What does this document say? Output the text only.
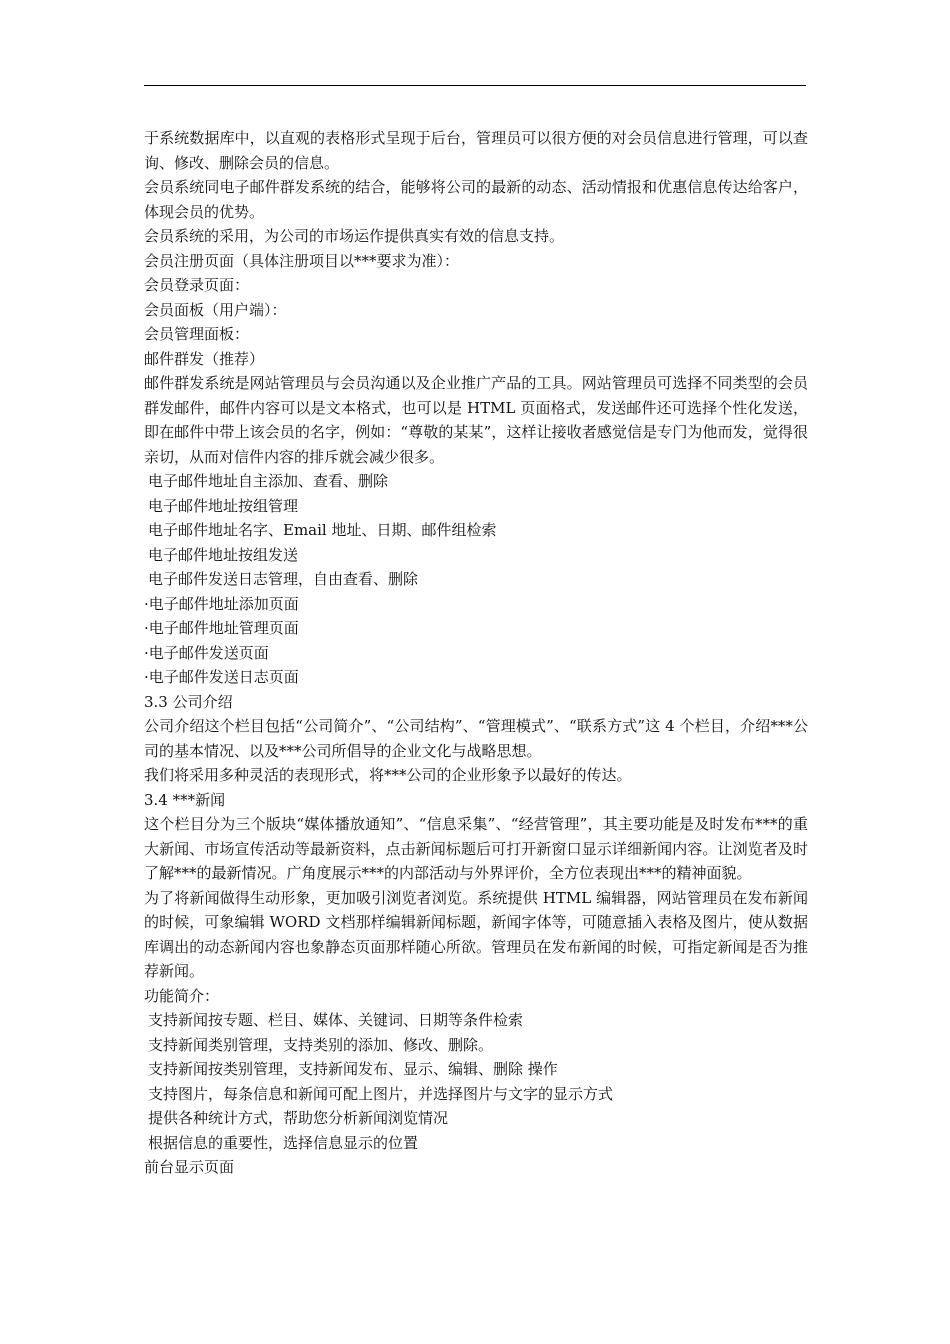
于系统数据库中，以直观的表格形式呈现于后台，管理员可以很方便的对会员信息进行管理，可以查询、修改、删除会员的信息。

会员系统同电子邮件群发系统的结合，能够将公司的最新的动态、活动情报和优惠信息传达给客户，体现会员的优势。

会员系统的采用，为公司的市场运作提供真实有效的信息支持。

会员注册页面（具体注册项目以***要求为准）：

会员登录页面：

会员面板（用户端）：

会员管理面板：

邮件群发（推荐）

邮件群发系统是网站管理员与会员沟通以及企业推广产品的工具。网站管理员可选择不同类型的会员群发邮件，邮件内容可以是文本格式，也可以是 HTML 页面格式，发送邮件还可选择个性化发送，即在邮件中带上该会员的名字，例如：“尊敬的某某”，这样让接收者感觉信是专门为他而发，觉得很亲切，从而对信件内容的排斥就会减少很多。

电子邮件地址自主添加、查看、删除

电子邮件地址按组管理

电子邮件地址名字、Email 地址、日期、邮件组检索

电子邮件地址按组发送

电子邮件发送日志管理，自由查看、删除

·电子邮件地址添加页面

·电子邮件地址管理页面

·电子邮件发送页面

·电子邮件发送日志页面

3.3 公司介绍

公司介绍这个栏目包括“公司简介”、“公司结构”、“管理模式”、“联系方式”这 4 个栏目，介绍***公司的基本情况、以及***公司所倡导的企业文化与战略思想。

我们将采用多种灵活的表现形式，将***公司的企业形象予以最好的传达。

3.4 ***新闻

这个栏目分为三个版块“媒体播放通知”、“信息采集”、“经营管理”，其主要功能是及时发布***的重大新闻、市场宣传活动等最新资料，点击新闻标题后可打开新窗口显示详细新闻内容。让浏览者及时了解***的最新情况。广角度展示***的内部活动与外界评价，全方位表现出***的精神面貌。

为了将新闻做得生动形象，更加吸引浏览者浏览。系统提供 HTML 编辑器，网站管理员在发布新闻的时候，可象编辑 WORD 文档那样编辑新闻标题，新闻字体等，可随意插入表格及图片，使从数据库调出的动态新闻内容也象静态页面那样随心所欲。管理员在发布新闻的时候，可指定新闻是否为推荐新闻。

功能简介：

支持新闻按专题、栏目、媒体、关键词、日期等条件检索

支持新闻类别管理，支持类别的添加、修改、删除。

支持新闻按类别管理，支持新闻发布、显示、编辑、删除 操作

支持图片，每条信息和新闻可配上图片，并选择图片与文字的显示方式

提供各种统计方式，帮助您分析新闻浏览情况

根据信息的重要性，选择信息显示的位置

前台显示页面
